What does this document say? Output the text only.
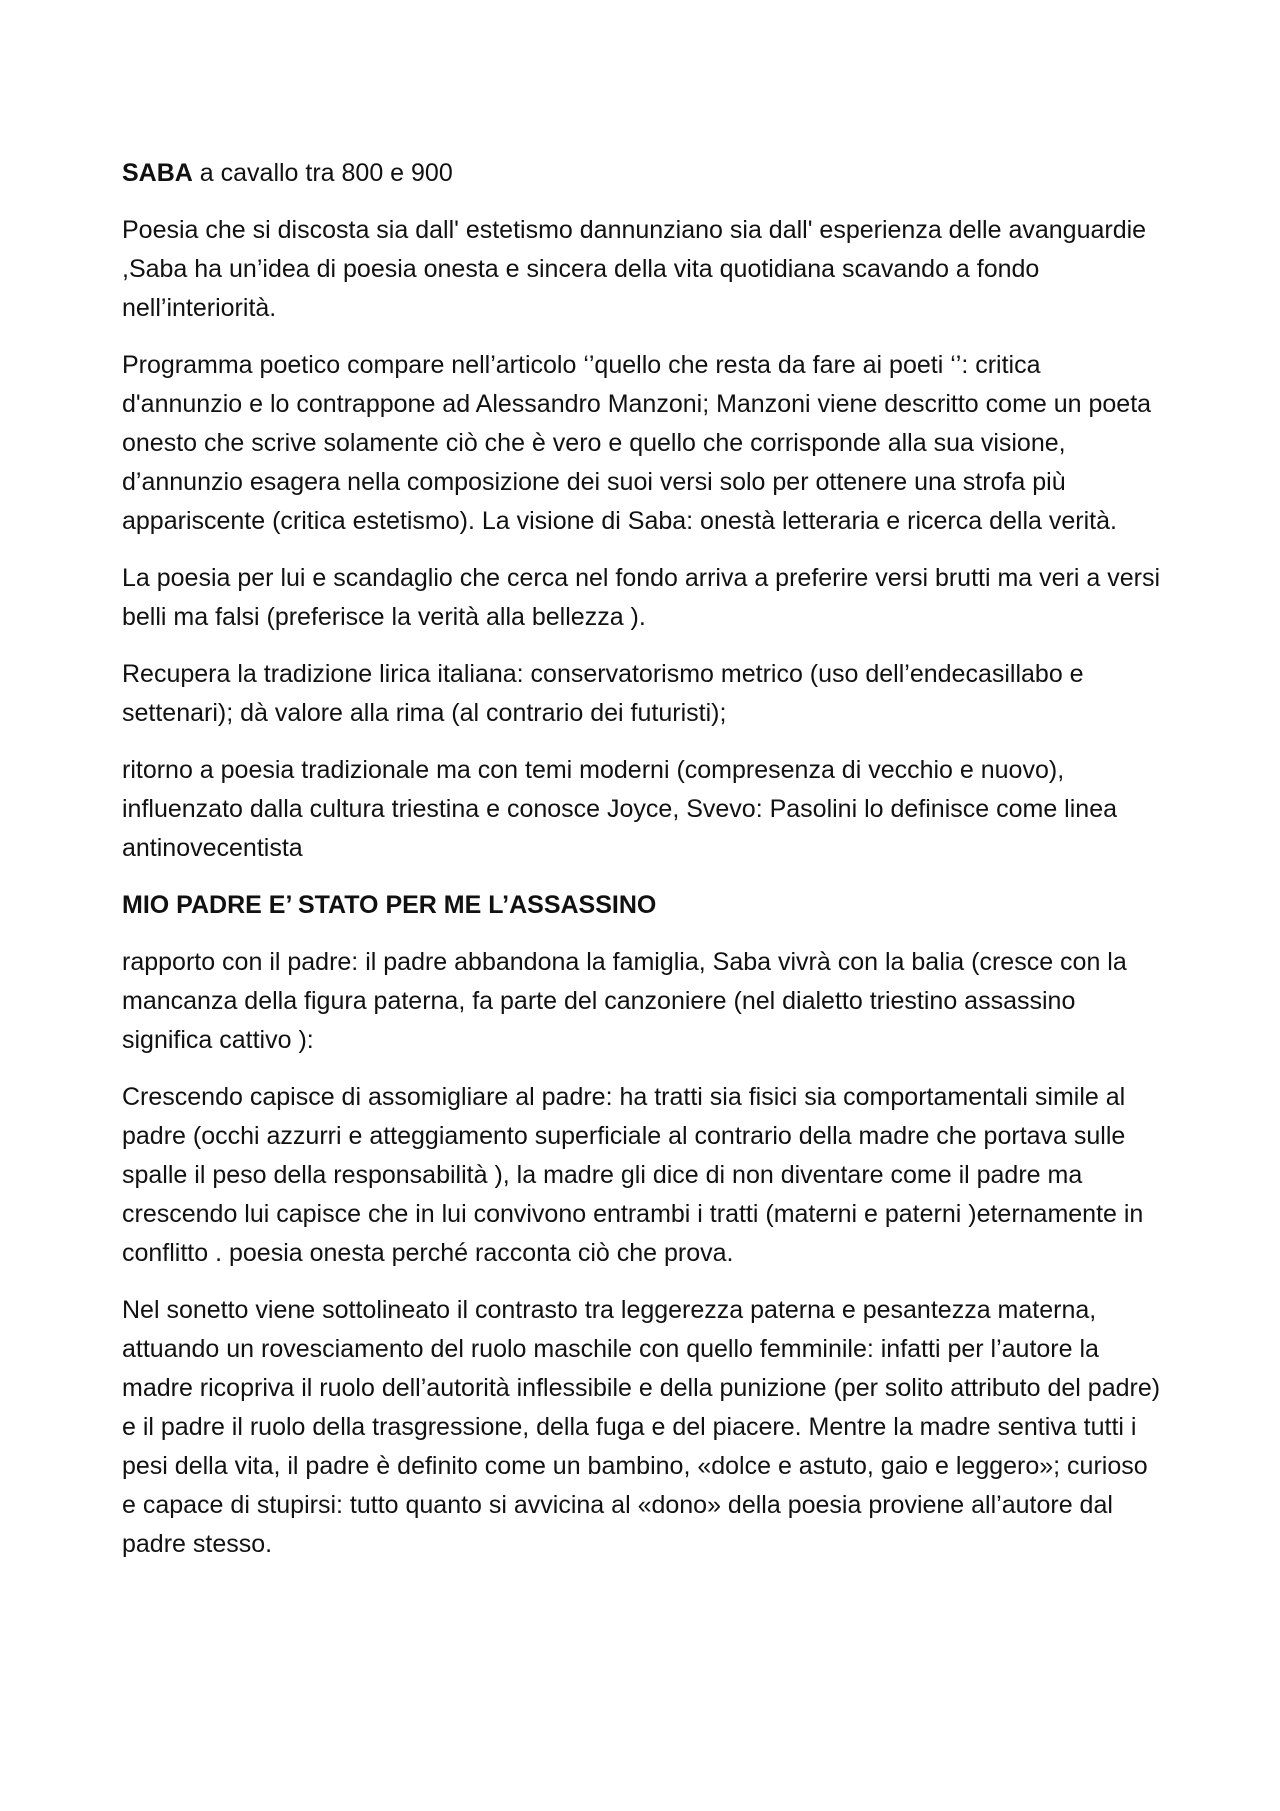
SABA a cavallo tra 800 e 900

Poesia che si discosta sia dall' estetismo dannunziano sia dall' esperienza delle avanguardie ,Saba ha un’idea di poesia onesta e sincera della vita quotidiana scavando a fondo nell’interiorità.

Programma poetico compare nell’articolo ‘’quello che resta da fare ai poeti ‘’: critica d'annunzio e lo contrappone ad Alessandro Manzoni; Manzoni viene descritto come un poeta onesto che scrive solamente ciò che è vero e quello che corrisponde alla sua visione, d’annunzio esagera nella composizione dei suoi versi solo per ottenere una strofa più appariscente (critica estetismo). La visione di Saba: onestà letteraria e ricerca della verità.

La poesia per lui e scandaglio che cerca nel fondo arriva a preferire versi brutti ma veri a versi belli ma falsi (preferisce la verità alla bellezza ).

Recupera la tradizione lirica italiana: conservatorismo metrico (uso dell’endecasillabo e settenari); dà valore alla rima (al contrario dei futuristi);

ritorno a poesia tradizionale ma con temi moderni (compresenza di vecchio e nuovo), influenzato dalla cultura triestina e conosce Joyce, Svevo: Pasolini lo definisce come linea antinovecentista

MIO PADRE E’ STATO PER ME L’ASSASSINO

rapporto con il padre: il padre abbandona la famiglia, Saba vivrà con la balia (cresce con la mancanza della figura paterna, fa parte del canzoniere (nel dialetto triestino assassino significa cattivo ):

Crescendo capisce di assomigliare al padre: ha tratti sia fisici sia comportamentali simile al padre (occhi azzurri e atteggiamento superficiale al contrario della madre che portava sulle spalle il peso della responsabilità ), la madre gli dice di non diventare come il padre ma crescendo lui capisce che in lui convivono entrambi i tratti (materni e paterni )eternamente in conflitto . poesia onesta perché racconta ciò che prova.

Nel sonetto viene sottolineato il contrasto tra leggerezza paterna e pesantezza materna, attuando un rovesciamento del ruolo maschile con quello femminile: infatti per l’autore la madre ricopriva il ruolo dell’autorità inflessibile e della punizione (per solito attributo del padre) e il padre il ruolo della trasgressione, della fuga e del piacere. Mentre la madre sentiva tutti i pesi della vita, il padre è definito come un bambino, «dolce e astuto, gaio e leggero»; curioso e capace di stupirsi: tutto quanto si avvicina al «dono» della poesia proviene all’autore dal padre stesso.
